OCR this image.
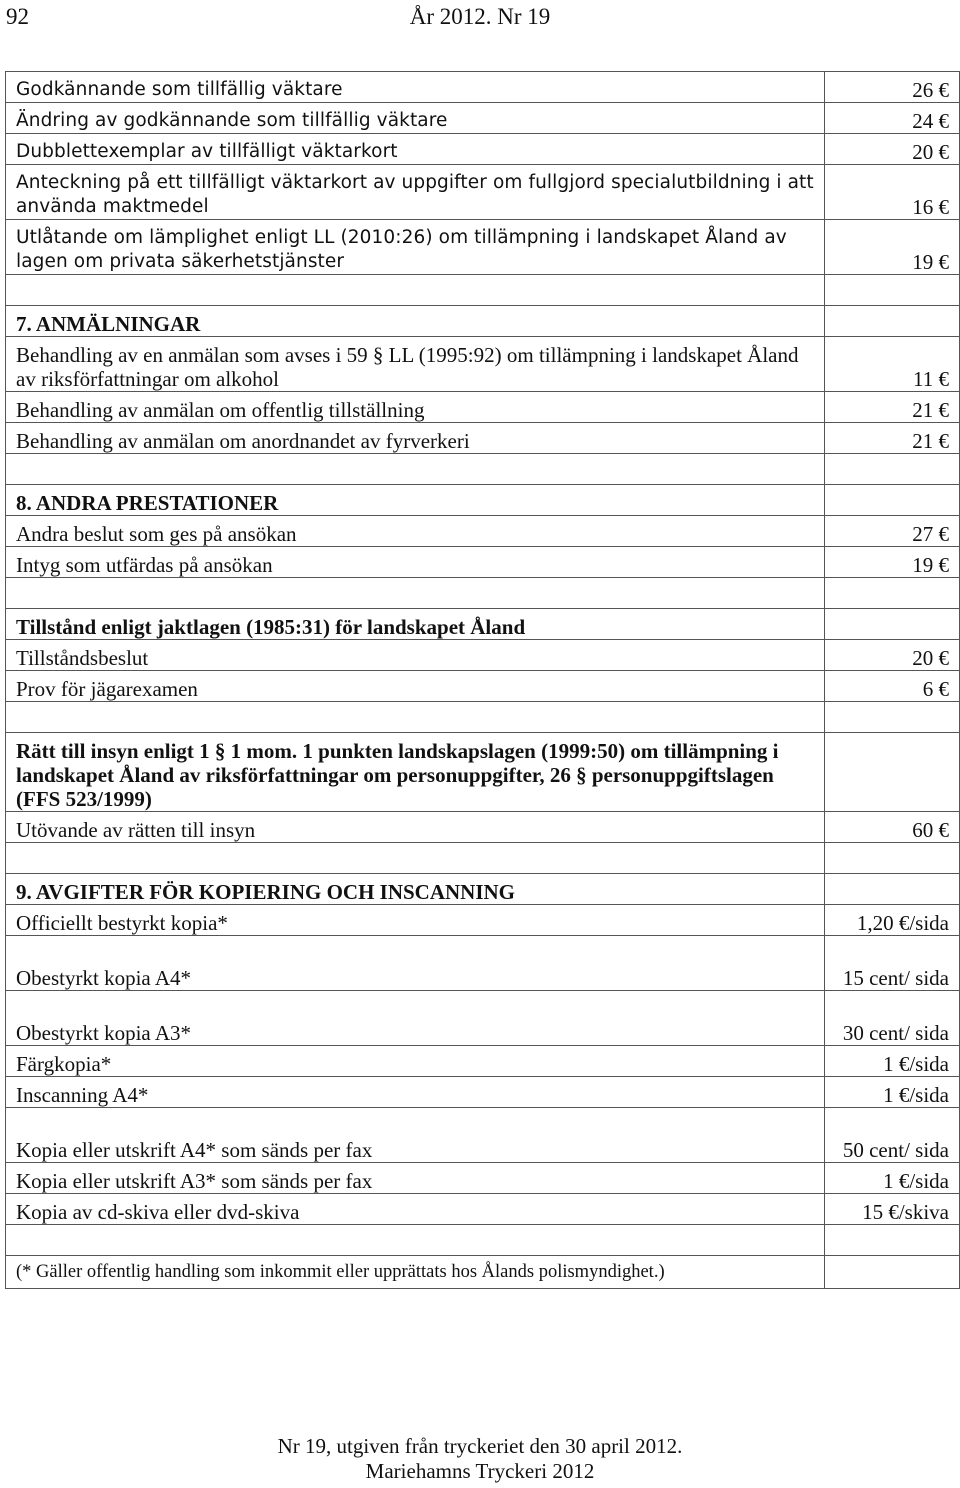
92	År 2012. Nr 19
Godkännande som tillfällig väktare	26 €
Ändring av godkännande som tillfällig väktare	24 €
Dubblettexemplar av tillfälligt väktarkort	20 €
Anteckning på ett tillfälligt väktarkort av uppgifter om fullgjord specialutbildning i att använda maktmedel	16 €
Utlåtande om lämplighet enligt LL (2010:26) om tillämpning i landskapet Åland av lagen om privata säkerhetstjänster	19 €

7. ANMÄLNINGAR	
Behandling av en anmälan som avses i 59 § LL (1995:92) om tillämpning i landskapet Åland av riksförfattningar om alkohol	11 €
Behandling av anmälan om offentlig tillställning	21 €
Behandling av anmälan om anordnandet av fyrverkeri	21 €

8. ANDRA PRESTATIONER	
Andra beslut som ges på ansökan	27 €
Intyg som utfärdas på ansökan	19 €

Tillstånd enligt jaktlagen (1985:31) för landskapet Åland	
Tillståndsbeslut	20 €
Prov för jägarexamen	6 €

Rätt till insyn enligt 1 § 1 mom. 1 punkten landskapslagen (1999:50) om tillämpning i landskapet Åland av riksförfattningar om personuppgifter, 26 § personuppgiftslagen (FFS 523/1999)	
Utövande av rätten till insyn	60 €

9. AVGIFTER FÖR KOPIERING OCH INSCANNING	
Officiellt bestyrkt kopia*	1,20 €/sida
Obestyrkt kopia A4*	15 cent/ sida
Obestyrkt kopia A3*	30 cent/ sida
Färgkopia*	1 €/sida
Inscanning A4*	1 €/sida
Kopia eller utskrift A4* som sänds per fax	50 cent/ sida
Kopia eller utskrift A3* som sänds per fax	1 €/sida
Kopia av cd-skiva eller dvd-skiva	15 €/skiva

(* Gäller offentlig handling som inkommit eller upprättats hos Ålands polismyndighet.)	
Nr 19, utgiven från tryckeriet den 30 april 2012.
Mariehamns Tryckeri 2012
